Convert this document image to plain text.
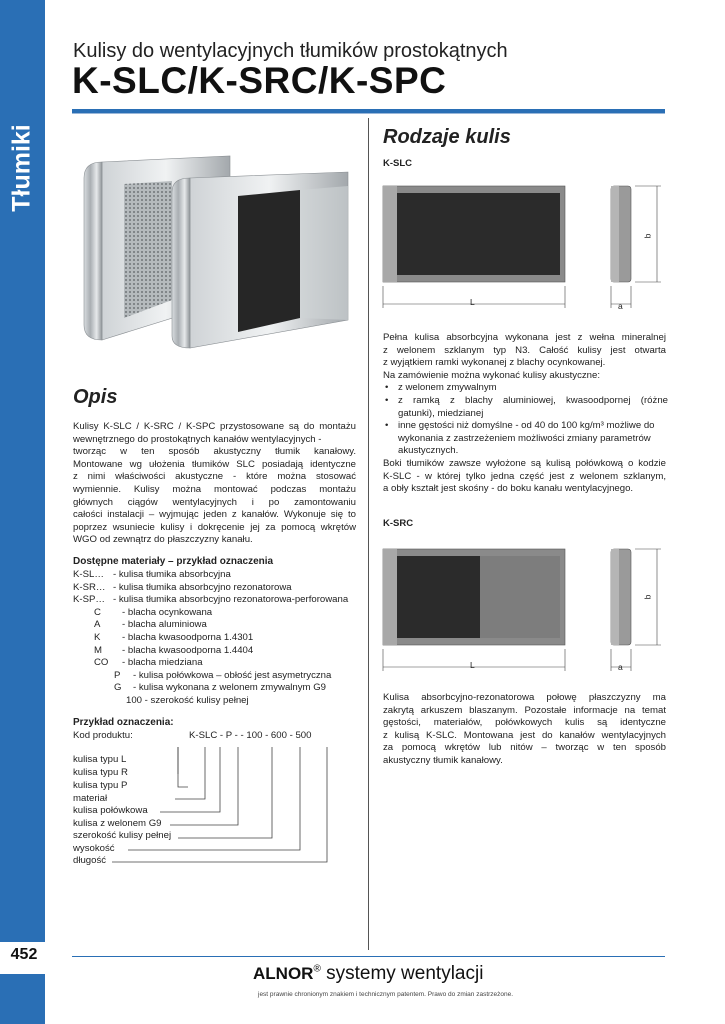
Tłumiki
452
Kulisy do wentylacyjnych tłumików prostokątnych
K-SLC/K-SRC/K-SPC
Opis
Kulisy K-SLC / K-SRC / K-SPC przystosowane są do montażu
wewnętrznego do prostokątnych kanałów wentylacyjnych -
tworząc w ten sposób akustyczny tłumik kanałowy.
Montowane wg ułożenia tłumików SLC posiadają identyczne
z nimi właściwości akustyczne - które można stosować
wymiennie. Kulisy można montować podczas montażu
głównych ciągów wentylacyjnych i po zamontowaniu
całości instalacji – wyjmując jeden z kanałów. Wykonuje się to
poprzez wsuniecie kulisy i dokręcenie jej za pomocą wkrętów
WGO od zewnątrz do płaszczyzny kanału.
Dostępne materiały – przykład oznaczenia
K-SL… - kulisa tłumika absorbcyjna
K-SR… - kulisa tłumika absorbcyjno rezonatorowa
K-SP… - kulisa tłumika absorbcyjno rezonatorowa-perforowana
C - blacha ocynkowana
A - blacha aluminiowa
K - blacha kwasoodporna 1.4301
M - blacha kwasoodporna 1.4404
CO - blacha miedziana
P - kulisa połówkowa – obłość jest asymetryczna
G - kulisa wykonana z welonem zmywalnym G9
100 - szerokość kulisy pełnej
Przykład oznaczenia:
Kod produktu:	K-SLC - P - - 100 - 600 - 500
kulisa typu L
kulisa typu R
kulisa typu P
materiał
kulisa połówkowa
kulisa z welonem G9
szerokość kulisy pełnej
wysokość
długość
Rodzaje kulis
K-SLC
L	a
b
Pełna kulisa absorbcyjna wykonana jest z wełna mineralnej
z welonem szklanym typ N3. Całość kulisy jest otwarta
z wyjątkiem ramki wykonanej z blachy ocynkowanej.
Na zamówienie można wykonać kulisy akustyczne:
• z welonem zmywalnym
• z ramką z blachy aluminiowej, kwasoodpornej (różne
gatunki), miedzianej
• inne gęstości niż domyślne - od 40 do 100 kg/m³ możliwe do
wykonania z zastrzeżeniem możliwości zmiany parametrów
akustycznych.
Boki tłumików zawsze wyłożone są kulisą połówkową o kodzie
K-SLC - w której tylko jedna część jest z welonem szklanym,
a obły kształt jest skośny - do boku kanału wentylacyjnego.
K-SRC
L	a
b
Kulisa absorbcyjno-rezonatorowa połowę płaszczyzny ma
zakrytą arkuszem blaszanym. Pozostałe informacje na temat
gęstości, materiałów, połówkowych kulis są identyczne
z kulisą K-SLC. Montowana jest do kanałów wentylacyjnych
za pomocą wkrętów lub nitów – tworząc w ten sposób
akustyczny tłumik kanałowy.
ALNOR® systemy wentylacji
jest prawnie chronionym znakiem i technicznym patentem. Prawo do zmian zastrzeżone.
